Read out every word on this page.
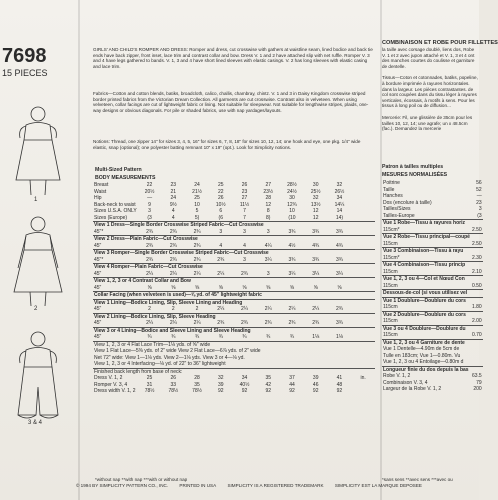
7698
15 PIECES
1
2
3 & 4
GIRLS' AND CHILD'S ROMPER AND DRESS: Romper and dress, cut crosswise with gathers at waistline seam, lined bodice and back tie ends have back zipper, front inset, lace trim and contrast collar and bow. Dress V. 1 and 2 have attached slip with net ruffle. Romper V. 3 and 4 have legs gathered to bands. V. 1, 3 and 4 have short lined sleeves with elastic casings. V. 2 has long sleeves with elastic casing and lace trim.
Fabrics—Cotton and cotton blends, batiks, broadcloth, calico, challis, chambray, chintz. V. 1 and 3 in Daisy Kingdom crosswise striped border printed fabrics from the Victorian Dream Collection. All garments are cut crosswise. Contrast also in velveteen. When using velveteen, collar facings are cut of lightweight fabric or lining. Not suitable for sleepwear. Not suitable for lengthwise stripes, plaids, one-way designs or obvious diagonals. For pile or shaded fabrics, use with nap yardages/layouts.
Notions: Thread, one zipper 14" for sizes 3, 4, 5, 16" for sizes 6, 7, 8, 18" for sizes 10, 12, 14; one hook and eye, one pkg. 1/4" wide elastic, snap (optional); one polyester batting remnant 10" x 19" (opt.). Look for Simplicity notions.
Multi-Sized Pattern
BODY MEASUREMENTS
Breast	22	23	24	25	26	27	28½	30	32	
Waist	20½	21	21½	22	23	23½	24½	25½	26½	
Hip	—	24	25	26	27	28	30	32	34	
Back-neck to waist	9	9½	10	10½	11½	12	12¾	13½	14¼	
Sizes U.S.A. ONLY	3	4	5	6	7	8	10	12	14	
Sizes (Europe)	(3	4	5)	(6	7	8)	(10	12	14)	
View 1 Dress—Single Border Crosswise Striped Fabric—Cut Crosswise										
45"*	2¾	2¾	2¾	3	3	3	3¾	3¾	3¾	
View 2 Dress—Plain Fabric—Cut Crosswise										
45"	2¾	2¾	2¾	4	4	4¼	4½	4¾	4¾	
View 3 Romper—Single Border Crosswise Striped Fabric—Cut Crosswise										
45"*	2¾	2¾	2¾	2¾	3	3¼	3¾	3¾	3¾	
View 4 Romper—Plain Fabric—Cut Crosswise										
45"	2¼	2¼	2¼	2¼	2¾	3	3¼	3¼	3¼	
View 1, 2, 3 or 4 Contrast Collar and Bow										
45"	⅝	⅝	⅝	⅝	⅝	⅝	⅝	⅝	⅝	
Collar Facing (when velveteen is used)—⅝ yd. of 45" lightweight fabric										
View 1 Lining—Bodice Lining, Slip, Sleeve Lining and Heading										
45"	2	2	2	2¼	2¼	2¼	2¼	2¼	2¾	
View 2 Lining—Bodice Lining, Slip, Sleeve Heading										
45"	2¼	2¼	2¼	2¾	2¾	2¾	2¾	2¾	3¾	
View 3 or 4 Lining—Bodice and Sleeve Lining and Sleeve Heading										
45"	¾	¾	¾	¾	¾	¾	¾	1⅛	1⅛	
View 1, 2, 3 or 4 Flat Lace Trim—1⅛ yds. of ⅝" wide										
View 1 Flat Lace—5⅜ yds. of 2" wide View 2 Flat Lace—6⅞ yds. of 2" wide										
Net 72" wide: View 1—1⅛ yds. View 2—1⅛ yds. View 3 or 4—⅛ yd.										
View 1, 2, 3 or 4 Interfacing—⅛ yd. of 22" to 36" lightweight										
Finished back length from base of neck:										
Dress V. 1, 2	25	26	28	32	34	35	37	39	41	in.
Romper V. 3, 4	31	33	35	39	40½	42	44	46	48	
Dress width V. 1, 2	78½	78½	78½	92	92	92	92	92	92	
*without nap **with nap ***with or without nap
COMBINAISON ET ROBE POUR FILLETTES
la taille avec corsage doublé, liens dos, Robe V. 1 et 2 avec jupon attaché et V. 1, 3 et 4 ont des manches courtes do coulisse et garniture de dentelle.
Tissus—Coton et cotonnades, batiks, popeline, à bordure imprimée à rayures horizontales. dans la largeur. Les pièces contrastantes. de col sont coupées dans du tissu léger à rayures verticales, écossais, à motifs à sens. Pour les tissus à long poil ou de diffusion...
Mercerie: Fil, une glissière de 35cm pour les tailles 10, 12, 14; une agrafe; un x 48.5cm (fac.). Demandez la mercerie
Patron à tailles multiples
MESURES NORMALISÉES
Poitrine	56
Taille	52
Hanches	—
Dos (encolure à taille)	23
Tailles/Sizes	3
Tailles-Europe	(3
Vue 1 Robe—Tissu à rayures horiz	
115cm*	2.50
Vue 2 Robe—Tissu principal—coupé	
115cm	2.50
Vue 3 Combinaison—Tissu à rayu	
115cm*	2.30
Vue 4 Combinaison—Tissu princip	
115cm	2.10
Vue 1, 2, 3 ou 4—Col et Nœud Con	
115cm	0.50
Dessous-de-col (si vous utilisez vel	
Vue 1 Doublure—Doublure du cors	
115cm	1.80
Vue 2 Doublure—Doublure du cors	
115cm	2.00
Vue 3 ou 4 Doublure—Doublure du	
115cm	0.70
Vue 1, 2, 3 ou 4 Garniture de dente	
Vue 1 Dentelle—4.90m de 5cm de	
Tulle en 183cm; Vue 1—0.80m. Vu	
Vue 1, 2, 3 ou 4 Entoilage—0.80m d	
Longueur finie du dos depuis la bas	
Robe V. 1, 2	63.5
Combinaison V. 3, 4	79
Largeur de la Robe V. 1, 2	200
*sans sens **avec sens ***avec ou
© 1994 BY SIMPLICITY PATTERN CO., INC. PRINTED IN USA SIMPLICITY IS A REGISTERED TRADEMARK SIMPLICITY EST LA MARQUE DEPOSEE
